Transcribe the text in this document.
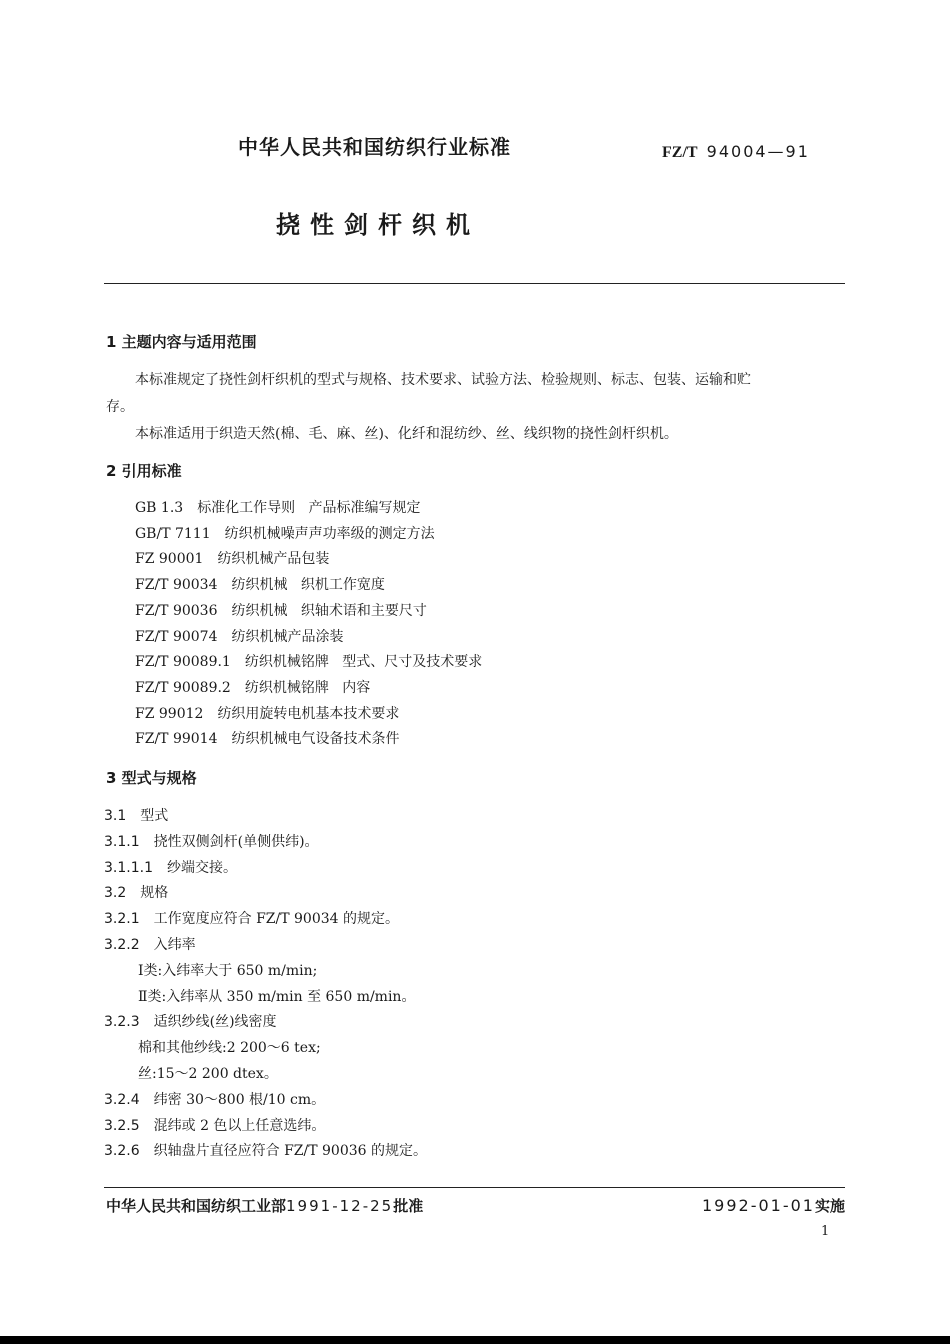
中华人民共和国纺织行业标准	FZ/T 94004—91
挠性剑杆织机
1 主题内容与适用范围
本标准规定了挠性剑杆织机的型式与规格、技术要求、试验方法、检验规则、标志、包装、运输和贮
存。
本标准适用于织造天然(棉、毛、麻、丝)、化纤和混纺纱、丝、线织物的挠性剑杆织机。
2 引用标准
GB 1.3 标准化工作导则   产品标准编写规定
GB/T 7111 纺织机械噪声声功率级的测定方法
FZ 90001 纺织机械产品包装
FZ/T 90034 纺织机械   织机工作宽度
FZ/T 90036 纺织机械   织轴术语和主要尺寸
FZ/T 90074 纺织机械产品涂装
FZ/T 90089.1 纺织机械铭牌   型式、尺寸及技术要求
FZ/T 90089.2 纺织机械铭牌   内容
FZ 99012 纺织用旋转电机基本技术要求
FZ/T 99014 纺织机械电气设备技术条件
3 型式与规格
3.1 型式
3.1.1 挠性双侧剑杆(单侧供纬)。
3.1.1.1 纱端交接。
3.2 规格
3.2.1 工作宽度应符合 FZ/T 90034 的规定。
3.2.2 入纬率
Ⅰ类:入纬率大于 650 m/min;
Ⅱ类:入纬率从 350 m/min 至 650 m/min。
3.2.3 适织纱线(丝)线密度
棉和其他纱线:2 200～6 tex;
丝:15～2 200 dtex。
3.2.4 纬密 30～800 根/10 cm。
3.2.5 混纬或 2 色以上任意选纬。
3.2.6 织轴盘片直径应符合 FZ/T 90036 的规定。
中华人民共和国纺织工业部1991-12-25批准	1992-01-01实施
1
